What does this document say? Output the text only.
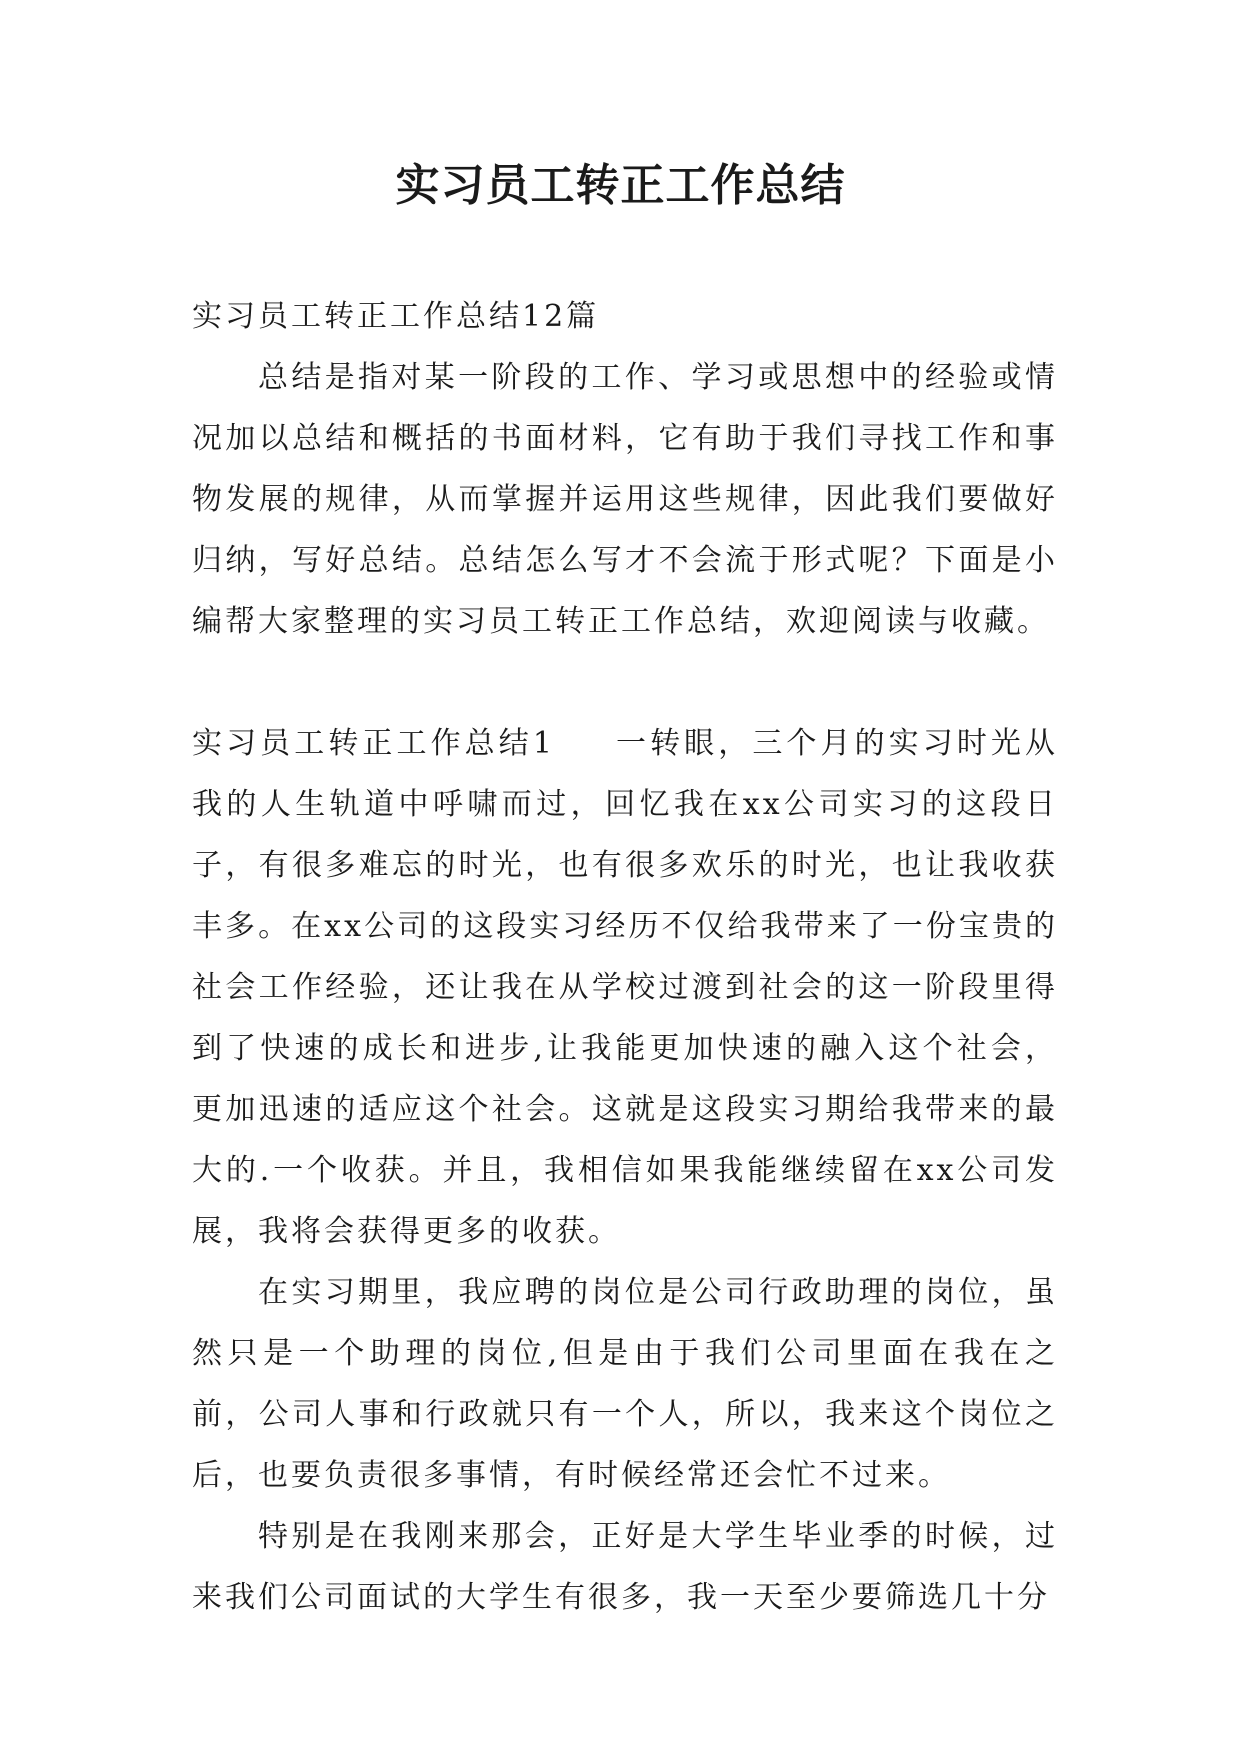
实习员工转正工作总结

实习员工转正工作总结12篇

总结是指对某一阶段的工作、学习或思想中的经验或情况加以总结和概括的书面材料，它有助于我们寻找工作和事物发展的规律，从而掌握并运用这些规律，因此我们要做好归纳，写好总结。总结怎么写才不会流于形式呢？下面是小编帮大家整理的实习员工转正工作总结，欢迎阅读与收藏。

实习员工转正工作总结1 一转眼，三个月的实习时光从我的人生轨道中呼啸而过，回忆我在xx公司实习的这段日子，有很多难忘的时光，也有很多欢乐的时光，也让我收获丰多。在xx公司的这段实习经历不仅给我带来了一份宝贵的社会工作经验，还让我在从学校过渡到社会的这一阶段里得到了快速的成长和进步,让我能更加快速的融入这个社会，更加迅速的适应这个社会。这就是这段实习期给我带来的最大的.一个收获。并且，我相信如果我能继续留在xx公司发展，我将会获得更多的收获。

在实习期里，我应聘的岗位是公司行政助理的岗位，虽然只是一个助理的岗位,但是由于我们公司里面在我在之前，公司人事和行政就只有一个人，所以，我来这个岗位之后，也要负责很多事情，有时候经常还会忙不过来。

特别是在我刚来那会，正好是大学生毕业季的时候，过来我们公司面试的大学生有很多，我一天至少要筛选几十分
